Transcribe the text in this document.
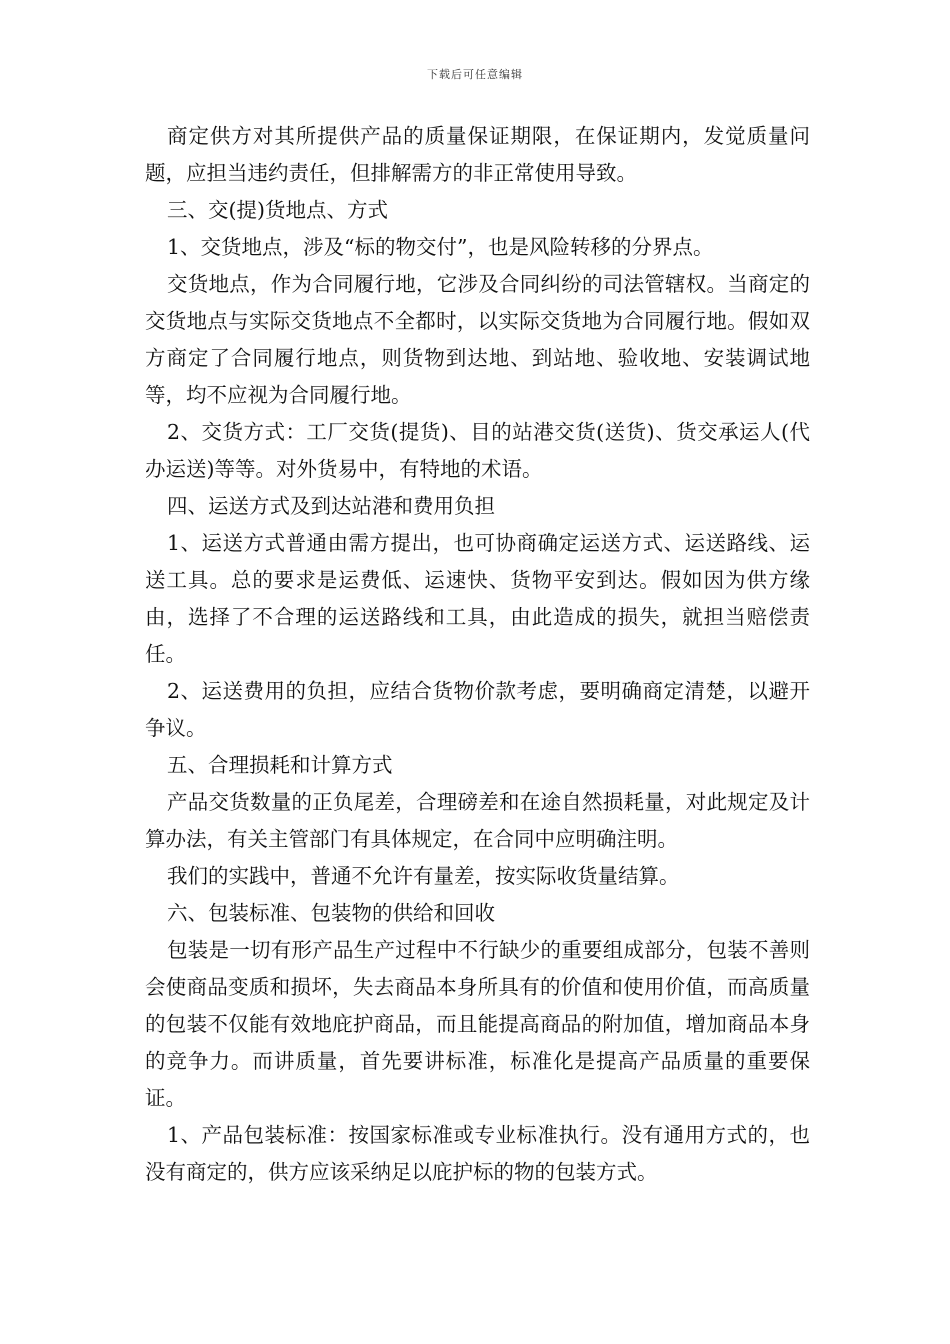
下载后可任意编辑

商定供方对其所提供产品的质量保证期限，在保证期内，发觉质量问题，应担当违约责任，但排解需方的非正常使用导致。

三、交(提)货地点、方式

1、交货地点，涉及“标的物交付”，也是风险转移的分界点。

交货地点，作为合同履行地，它涉及合同纠纷的司法管辖权。当商定的交货地点与实际交货地点不全都时，以实际交货地为合同履行地。假如双方商定了合同履行地点，则货物到达地、到站地、验收地、安装调试地等，均不应视为合同履行地。

2、交货方式：工厂交货(提货)、目的站港交货(送货)、货交承运人(代办运送)等等。对外货易中，有特地的术语。

四、运送方式及到达站港和费用负担

1、运送方式普通由需方提出，也可协商确定运送方式、运送路线、运送工具。总的要求是运费低、运速快、货物平安到达。假如因为供方缘由，选择了不合理的运送路线和工具，由此造成的损失，就担当赔偿责任。

2、运送费用的负担，应结合货物价款考虑，要明确商定清楚，以避开争议。

五、合理损耗和计算方式

产品交货数量的正负尾差，合理磅差和在途自然损耗量，对此规定及计算办法，有关主管部门有具体规定，在合同中应明确注明。

我们的实践中，普通不允许有量差，按实际收货量结算。

六、包装标准、包装物的供给和回收

包装是一切有形产品生产过程中不行缺少的重要组成部分，包装不善则会使商品变质和损坏，失去商品本身所具有的价值和使用价值，而高质量的包装不仅能有效地庇护商品，而且能提高商品的附加值，增加商品本身的竞争力。而讲质量，首先要讲标准，标准化是提高产品质量的重要保证。

1、产品包装标准：按国家标准或专业标准执行。没有通用方式的，也没有商定的，供方应该采纳足以庇护标的物的包装方式。
